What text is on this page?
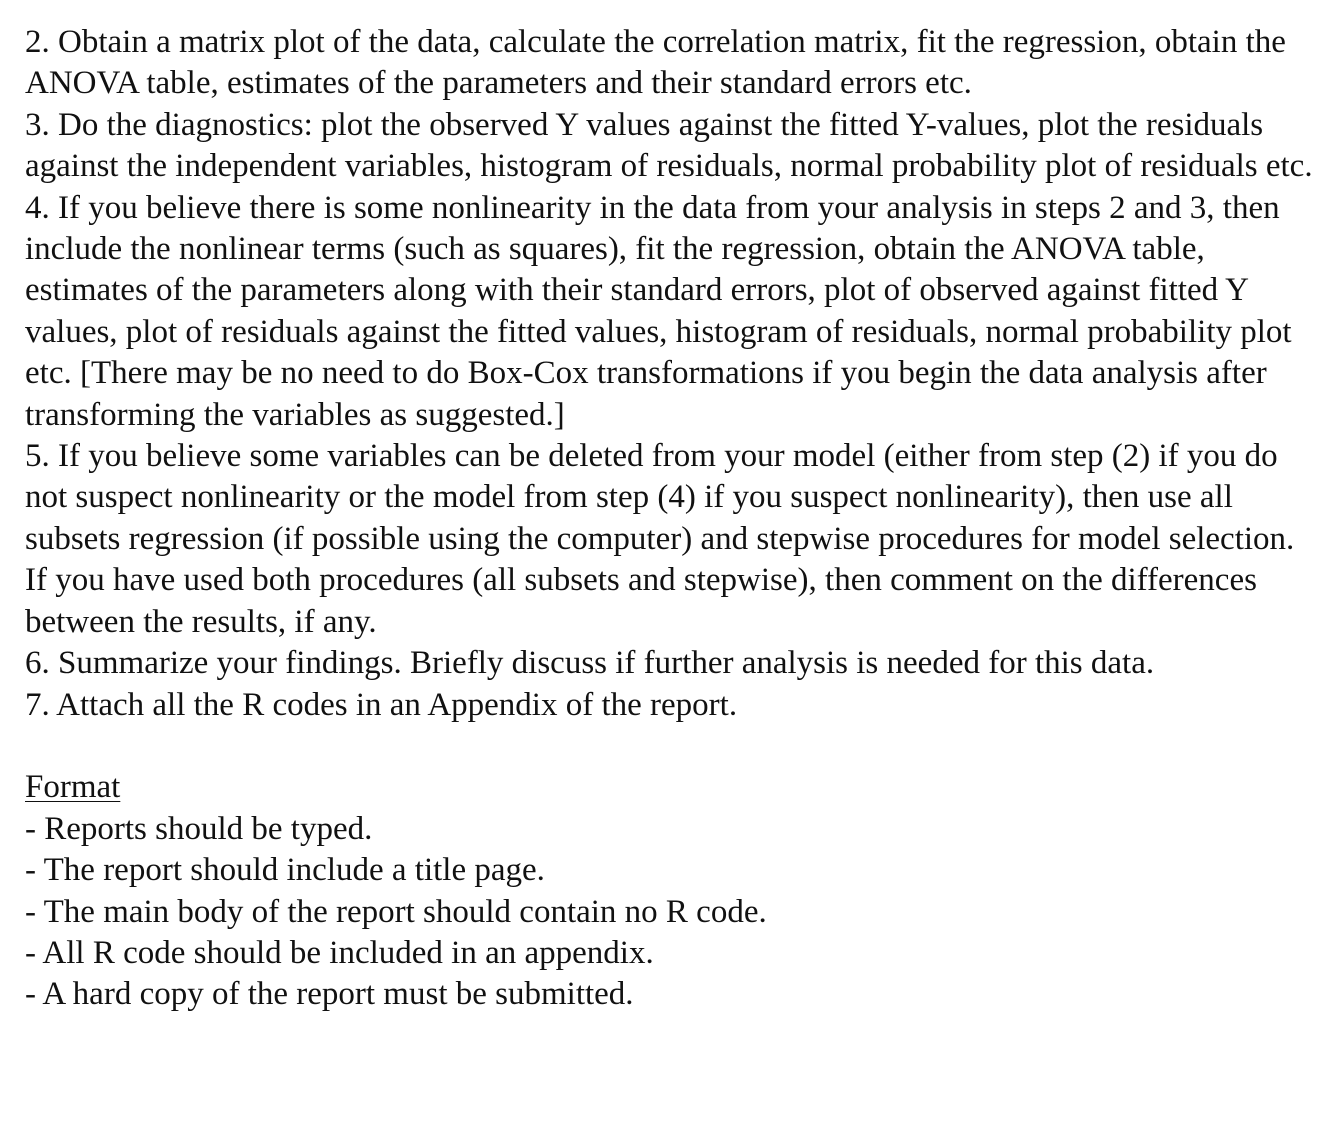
2. Obtain a matrix plot of the data, calculate the correlation matrix, fit the regression, obtain the ANOVA table, estimates of the parameters and their standard errors etc.

3. Do the diagnostics: plot the observed Y values against the fitted Y-values, plot the residuals against the independent variables, histogram of residuals, normal probability plot of residuals etc.

4. If you believe there is some nonlinearity in the data from your analysis in steps 2 and 3, then include the nonlinear terms (such as squares), fit the regression, obtain the ANOVA table, estimates of the parameters along with their standard errors, plot of observed against fitted Y values, plot of residuals against the fitted values, histogram of residuals, normal probability plot etc. [There may be no need to do Box-Cox transformations if you begin the data analysis after transforming the variables as suggested.]

5. If you believe some variables can be deleted from your model (either from step (2) if you do not suspect nonlinearity or the model from step (4) if you suspect nonlinearity), then use all subsets regression (if possible using the computer) and stepwise procedures for model selection. If you have used both procedures (all subsets and stepwise), then comment on the differences between the results, if any.

6. Summarize your findings. Briefly discuss if further analysis is needed for this data.

7. Attach all the R codes in an Appendix of the report.

Format

- Reports should be typed.

- The report should include a title page.

- The main body of the report should contain no R code.

- All R code should be included in an appendix.

- A hard copy of the report must be submitted.
